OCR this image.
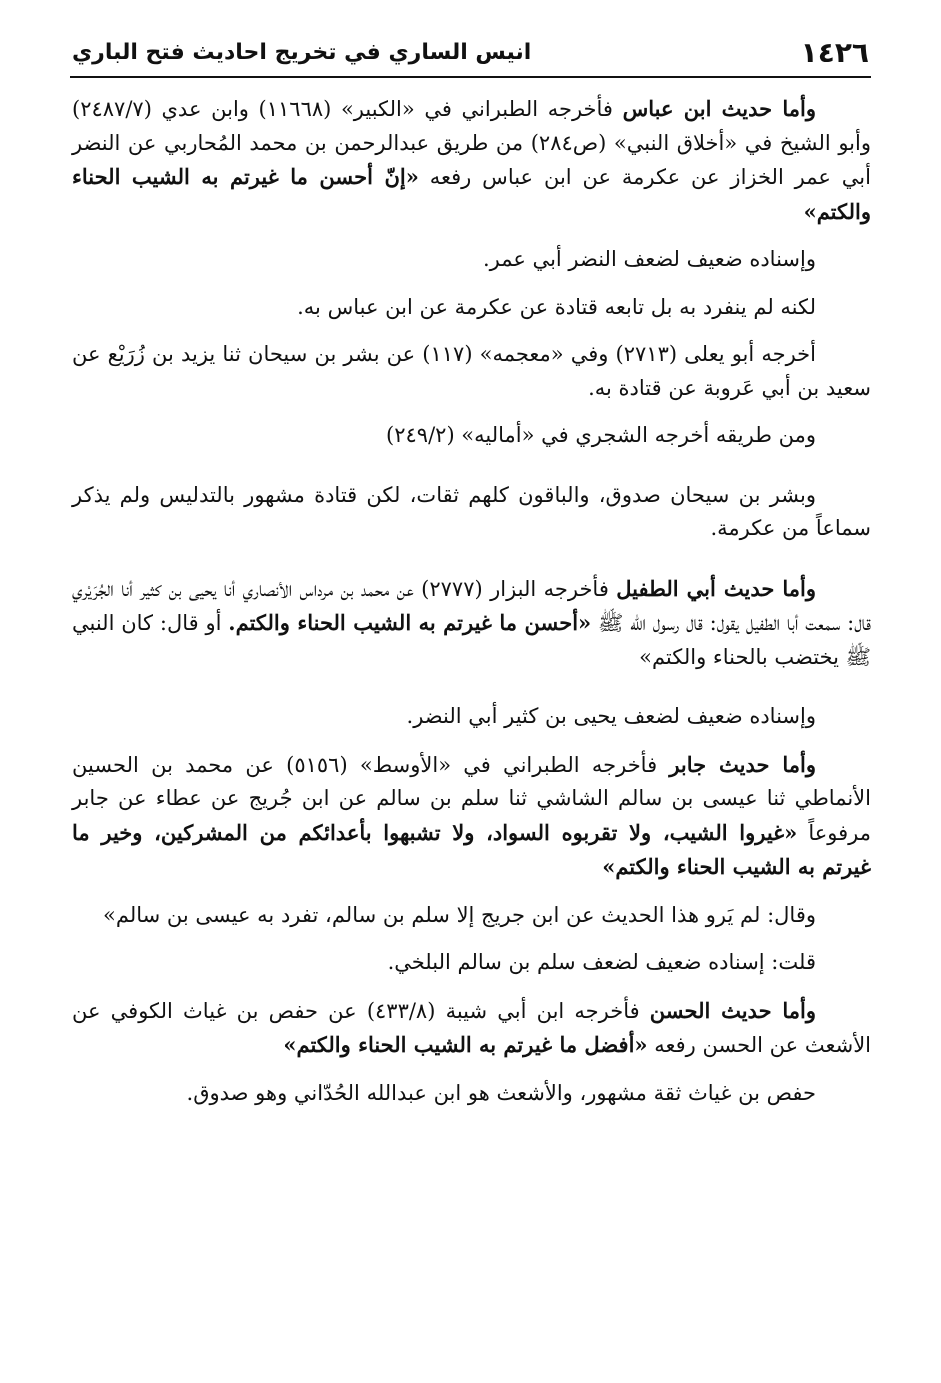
١٤٢٦
انيس الساري في تخريج احاديث فتح الباري

وأما حديث ابن عباس فأخرجه الطبراني في «الكبير» (١١٦٦٨) وابن عدي (٢٤٨٧/٧) وأبو الشيخ في «أخلاق النبي» (ص٢٨٤) من طريق عبدالرحمن بن محمد المُحاربي عن النضر أبي عمر الخزاز عن عكرمة عن ابن عباس رفعه «إنّ أحسن ما غيرتم به الشيب الحناء والكتم»

وإسناده ضعيف لضعف النضر أبي عمر.

لكنه لم ينفرد به بل تابعه قتادة عن عكرمة عن ابن عباس به.

أخرجه أبو يعلى (٢٧١٣) وفي «معجمه» (١١٧) عن بشر بن سيحان ثنا يزيد بن زُرَيْع عن سعيد بن أبي عَروبة عن قتادة به.

ومن طريقه أخرجه الشجري في «أماليه» (٢٤٩/٢)

وبشر بن سيحان صدوق، والباقون كلهم ثقات، لكن قتادة مشهور بالتدليس ولم يذكر سماعاً من عكرمة.

وأما حديث أبي الطفيل فأخرجه البزار (٢٧٧٧) عن محمد بن مرداس الأنصاري أنا يحيى بن كثير أنا الجُرَيْري قال: سمعت أبا الطفيل يقول: قال رسول الله ﷺ «أحسن ما غيرتم به الشيب الحناء والكتم. أو قال: كان النبي ﷺ يختضب بالحناء والكتم»

وإسناده ضعيف لضعف يحيى بن كثير أبي النضر.

وأما حديث جابر فأخرجه الطبراني في «الأوسط» (٥١٥٦) عن محمد بن الحسين الأنماطي ثنا عيسى بن سالم الشاشي ثنا سلم بن سالم عن ابن جُريج عن عطاء عن جابر مرفوعاً «غيروا الشيب، ولا تقربوه السواد، ولا تشبهوا بأعدائكم من المشركين، وخير ما غيرتم به الشيب الحناء والكتم»

وقال: لم يَرو هذا الحديث عن ابن جريج إلا سلم بن سالم، تفرد به عيسى بن سالم»

قلت: إسناده ضعيف لضعف سلم بن سالم البلخي.

وأما حديث الحسن فأخرجه ابن أبي شيبة (٤٣٣/٨) عن حفص بن غياث الكوفي عن الأشعث عن الحسن رفعه «أفضل ما غيرتم به الشيب الحناء والكتم»

حفص بن غياث ثقة مشهور، والأشعث هو ابن عبدالله الحُدّاني وهو صدوق.
